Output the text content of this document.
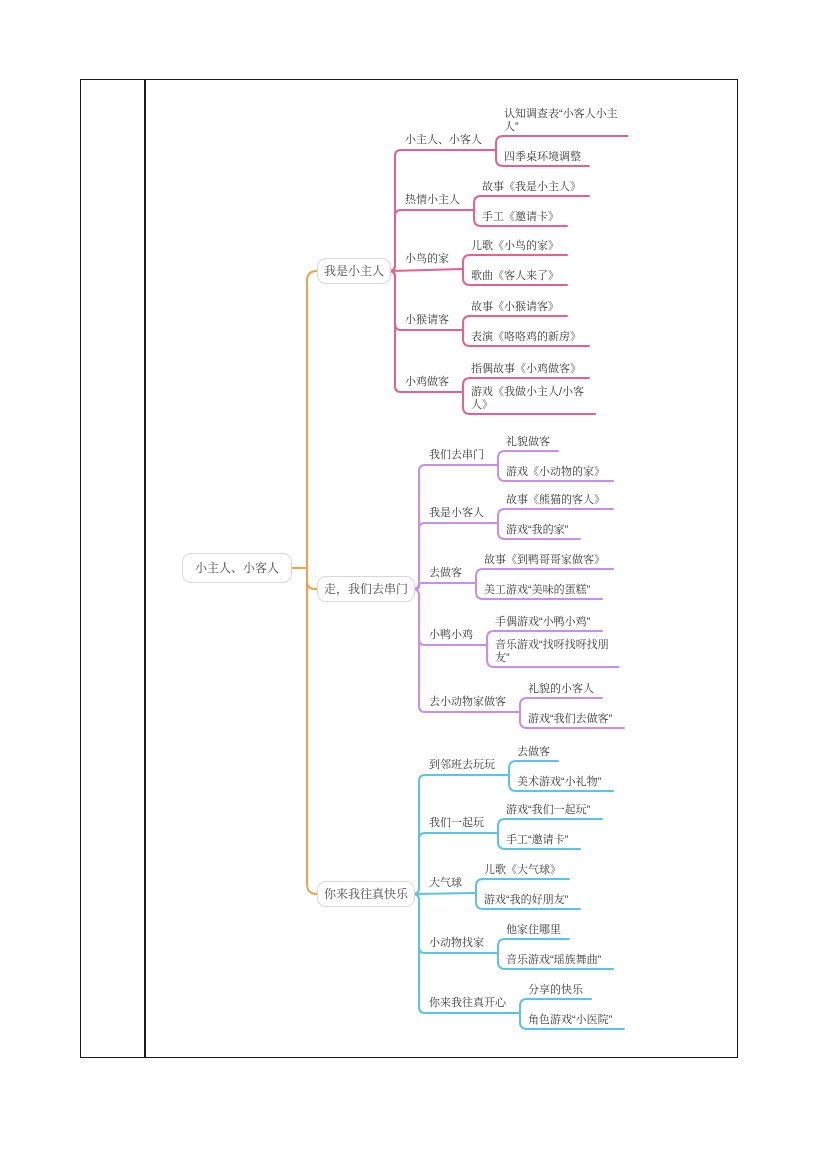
小主人、小客人
我是小主人
小主人、小客人
认知调查表“小客人小主
人”
四季桌环境调整
热情小主人
故事《我是小主人》
手工《邀请卡》
小鸟的家
儿歌《小鸟的家》
歌曲《客人来了》
小猴请客
故事《小猴请客》
表演《咯咯鸡的新房》
小鸡做客
指偶故事《小鸡做客》
游戏《我做小主人/小客
人》
走，我们去串门
我们去串门
礼貌做客
游戏《小动物的家》
我是小客人
故事《熊猫的客人》
游戏“我的家”
去做客
故事《到鸭哥哥家做客》
美工游戏“美味的蛋糕”
小鸭小鸡
手偶游戏“小鸭小鸡”
音乐游戏“找呀找呀找朋
友”
去小动物家做客
礼貌的小客人
游戏“我们去做客”
你来我往真快乐
到邻班去玩玩
去做客
美术游戏“小礼物”
我们一起玩
游戏“我们一起玩”
手工“邀请卡”
大气球
儿歌《大气球》
游戏“我的好朋友”
小动物找家
他家住哪里
音乐游戏“瑶族舞曲”
你来我往真开心
分享的快乐
角色游戏“小医院”
